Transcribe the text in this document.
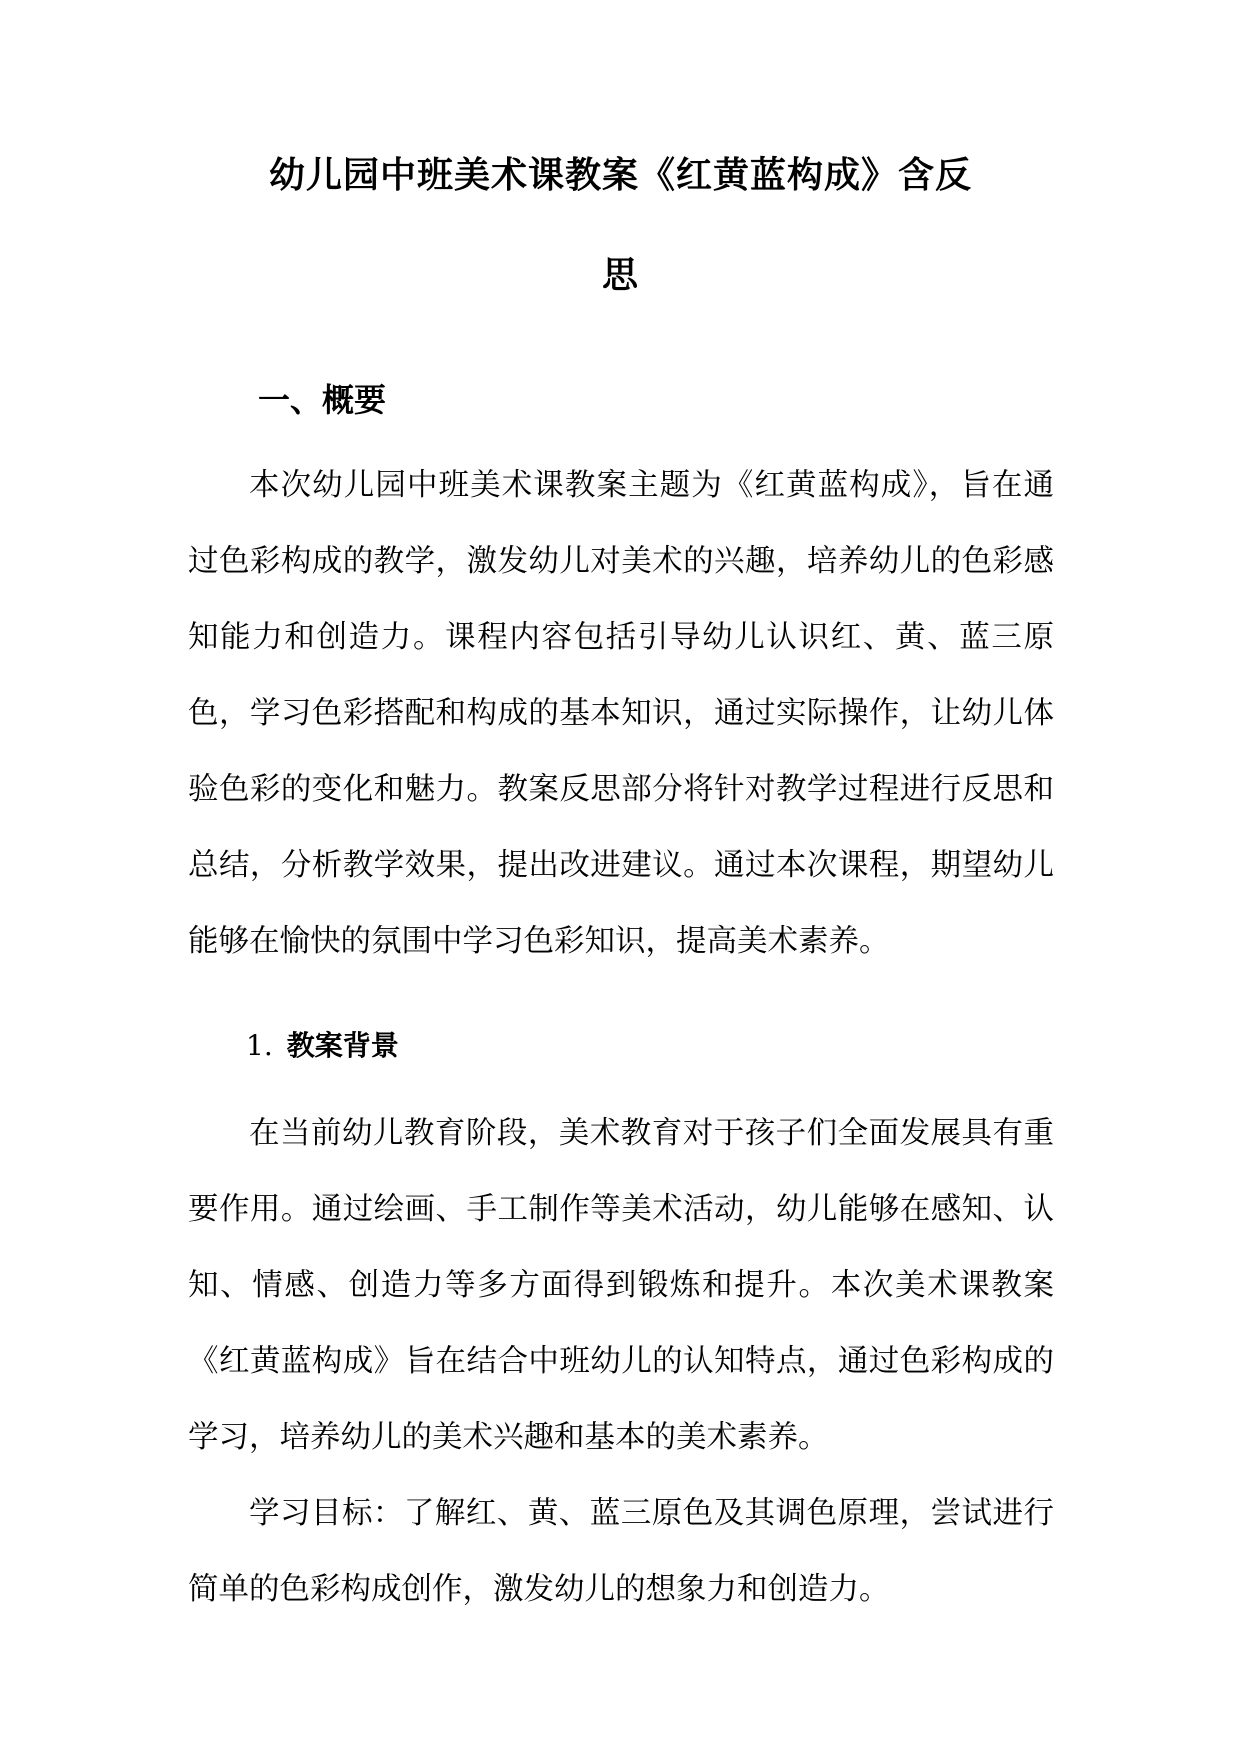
幼儿园中班美术课教案《红黄蓝构成》含反
思
一、概要

本次幼儿园中班美术课教案主题为《红黄蓝构成》，旨在通过色彩构成的教学，激发幼儿对美术的兴趣，培养幼儿的色彩感知能力和创造力。课程内容包括引导幼儿认识红、黄、蓝三原色，学习色彩搭配和构成的基本知识，通过实际操作，让幼儿体验色彩的变化和魅力。教案反思部分将针对教学过程进行反思和总结，分析教学效果，提出改进建议。通过本次课程，期望幼儿能够在愉快的氛围中学习色彩知识，提高美术素养。

1. 教案背景

在当前幼儿教育阶段，美术教育对于孩子们全面发展具有重要作用。通过绘画、手工制作等美术活动，幼儿能够在感知、认知、情感、创造力等多方面得到锻炼和提升。本次美术课教案《红黄蓝构成》旨在结合中班幼儿的认知特点，通过色彩构成的学习，培养幼儿的美术兴趣和基本的美术素养。

学习目标：了解红、黄、蓝三原色及其调色原理，尝试进行简单的色彩构成创作，激发幼儿的想象力和创造力。
